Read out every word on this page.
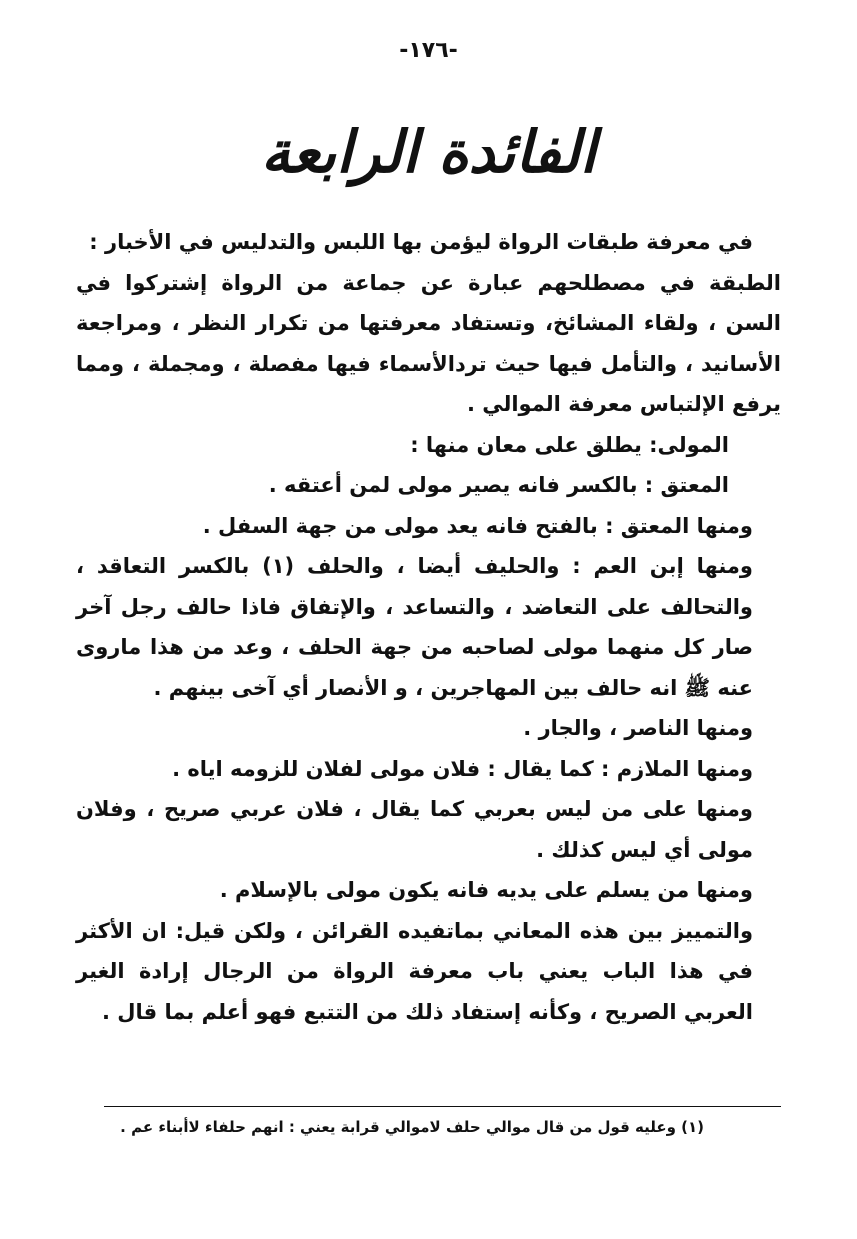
-١٧٦-
الفائدة الرابعة

في معرفة طبقات الرواة ليؤمن بها اللبس والتدليس في الأخبار :

الطبقة في مصطلحهم عبارة عن جماعة من الرواة إشتركوا في السن ، ولقاء المشائخ، وتستفاد معرفتها من تكرار النظر ، ومراجعة الأسانيد ، والتأمل فيها حيث تردالأسماء فيها مفصلة ، ومجملة ، ومما يرفع الإلتباس معرفة الموالي .

المولى: يطلق على معان منها :

المعتق : بالكسر فانه يصير مولى لمن أعتقه .

ومنها المعتق : بالفتح فانه يعد مولى من جهة السفل .

ومنها إبن العم : والحليف أيضا ، والحلف (١) بالكسر التعاقد ، والتحالف على التعاضد ، والتساعد ، والإتفاق فاذا حالف رجل آخر صار كل منهما مولى لصاحبه من جهة الحلف ، وعد من هذا ماروى عنه ﷺ انه حالف بين المهاجرين ، و الأنصار أي آخى بينهم .

ومنها الناصر ، والجار .

ومنها الملازم : كما يقال : فلان مولى لفلان للزومه اياه .

ومنها على من ليس بعربي كما يقال ، فلان عربي صريح ، وفلان مولى أي ليس كذلك .

ومنها من يسلم على يديه فانه يكون مولى بالإسلام .

والتمييز بين هذه المعاني بماتفيده القرائن ، ولكن قيل: ان الأكثر في هذا الباب يعني باب معرفة الرواة من الرجال إرادة الغير العربي الصريح ، وكأنه إستفاد ذلك من التتبع فهو أعلم بما قال .

(١) وعليه قول من قال موالي حلف لاموالي قرابة يعني : انهم حلفاء لاأبناء عم .
